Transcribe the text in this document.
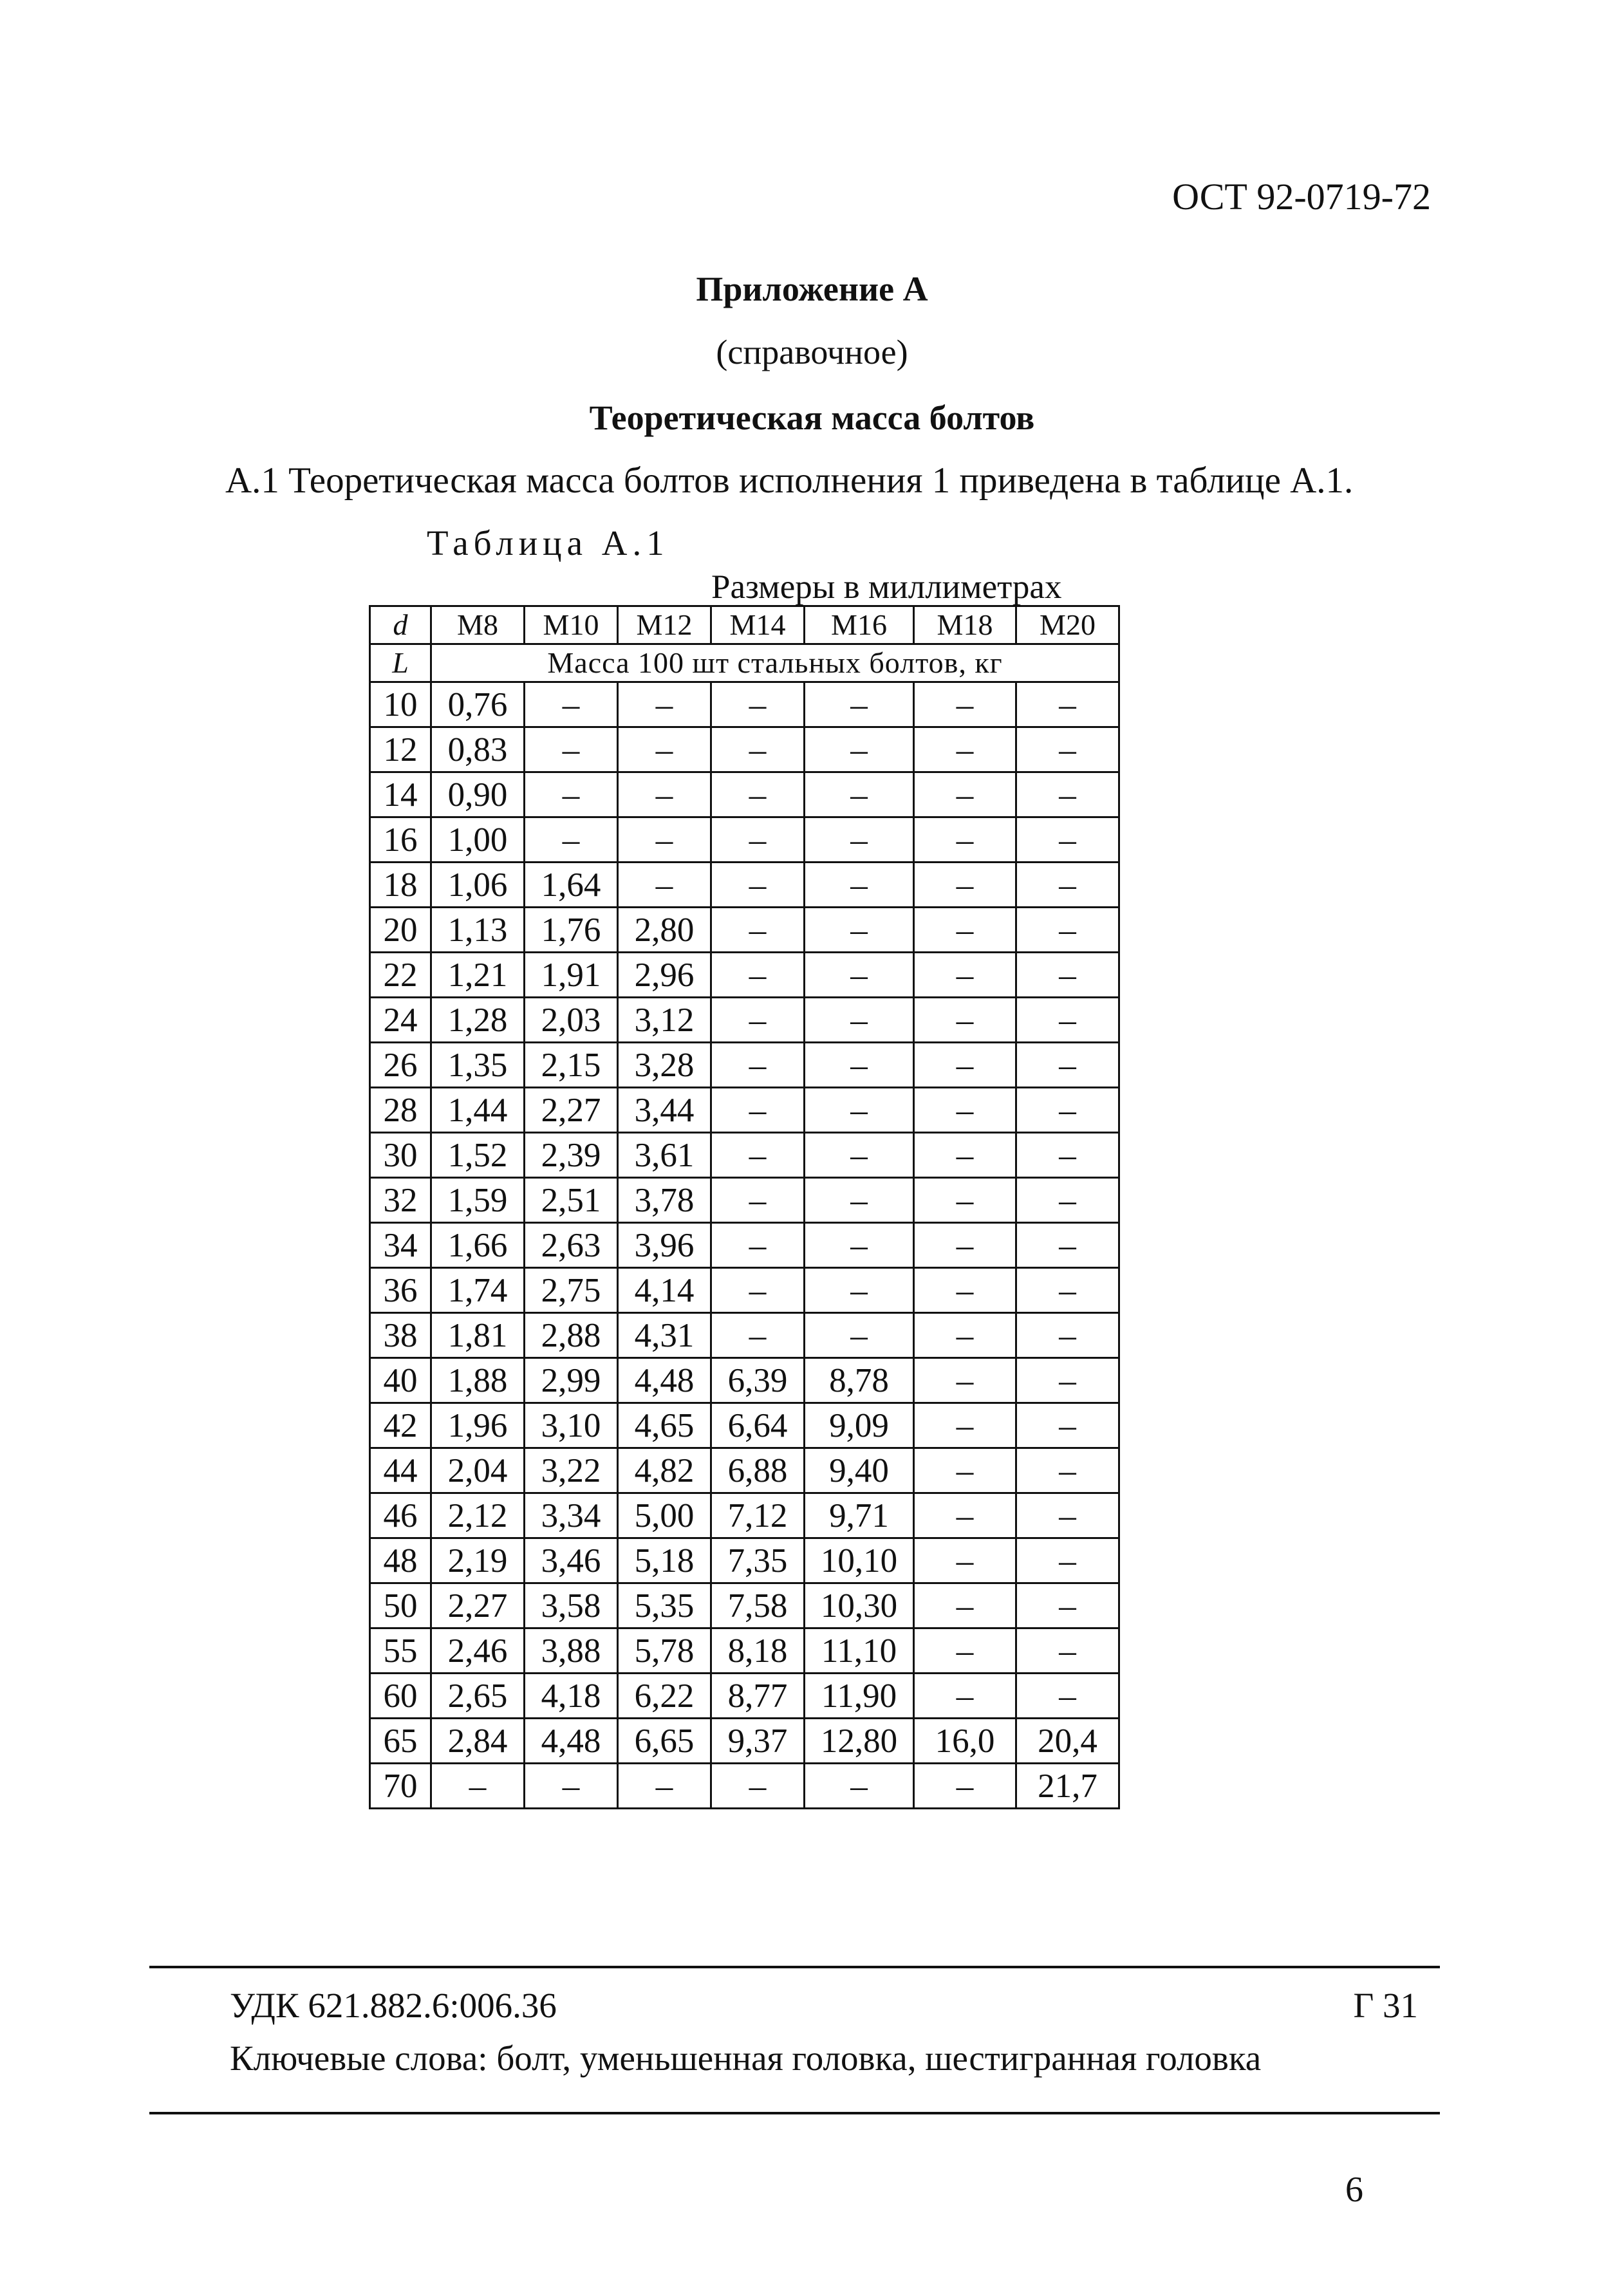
ОСТ 92-0719-72
Приложение А
(справочное)
Теоретическая масса болтов
А.1 Теоретическая масса болтов исполнения 1 приведена в таблице А.1.
Таблица А.1
Размеры в миллиметрах
d	М8	М10	М12	М14	М16	М18	М20
L	Масса 100 шт стальных болтов, кг						
10	0,76	–	–	–	–	–	–
12	0,83	–	–	–	–	–	–
14	0,90	–	–	–	–	–	–
16	1,00	–	–	–	–	–	–
18	1,06	1,64	–	–	–	–	–
20	1,13	1,76	2,80	–	–	–	–
22	1,21	1,91	2,96	–	–	–	–
24	1,28	2,03	3,12	–	–	–	–
26	1,35	2,15	3,28	–	–	–	–
28	1,44	2,27	3,44	–	–	–	–
30	1,52	2,39	3,61	–	–	–	–
32	1,59	2,51	3,78	–	–	–	–
34	1,66	2,63	3,96	–	–	–	–
36	1,74	2,75	4,14	–	–	–	–
38	1,81	2,88	4,31	–	–	–	–
40	1,88	2,99	4,48	6,39	8,78	–	–
42	1,96	3,10	4,65	6,64	9,09	–	–
44	2,04	3,22	4,82	6,88	9,40	–	–
46	2,12	3,34	5,00	7,12	9,71	–	–
48	2,19	3,46	5,18	7,35	10,10	–	–
50	2,27	3,58	5,35	7,58	10,30	–	–
55	2,46	3,88	5,78	8,18	11,10	–	–
60	2,65	4,18	6,22	8,77	11,90	–	–
65	2,84	4,48	6,65	9,37	12,80	16,0	20,4
70	–	–	–	–	–	–	21,7
УДК 621.882.6:006.36	Г 31
Ключевые слова: болт, уменьшенная головка, шестигранная головка
6
